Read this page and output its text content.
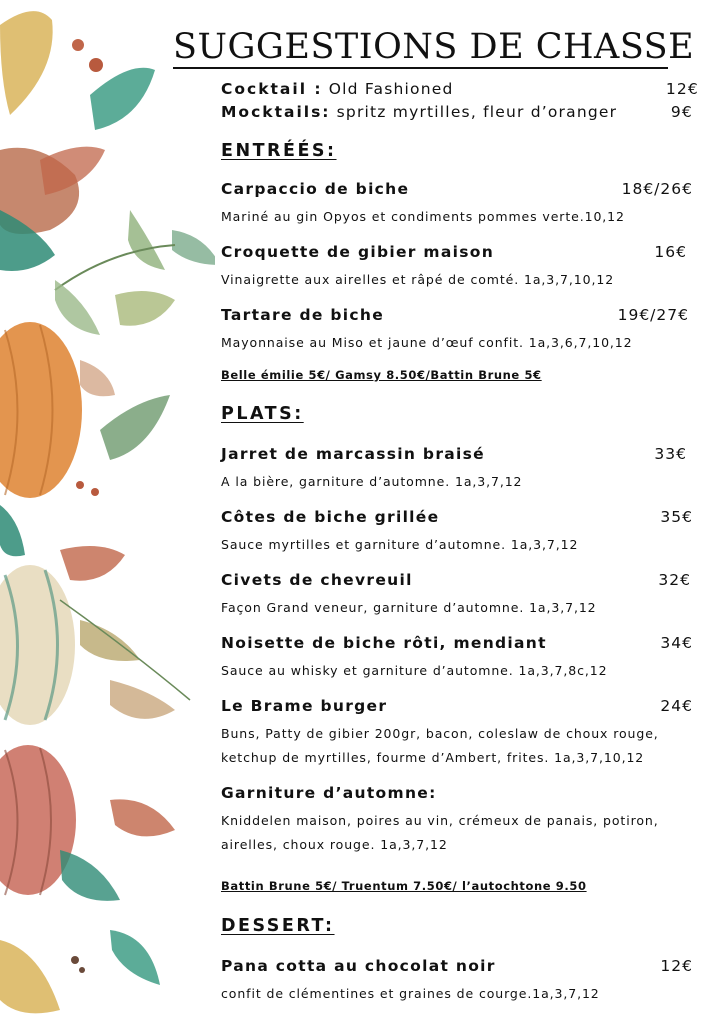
SUGGESTIONS DE CHASSE
Cocktail : Old Fashioned	12€
Mocktails: spritz myrtilles, fleur d’oranger	9€
ENTRÉÉS:
Carpaccio de biche	18€/26€
Mariné au gin Opyos et condiments pommes verte.10,12
Croquette de gibier maison	16€
Vinaigrette aux airelles et râpé de comté. 1a,3,7,10,12
Tartare de biche	19€/27€
Mayonnaise au Miso et jaune d’œuf confit. 1a,3,6,7,10,12
Belle émilie 5€/ Gamsy 8.50€/Battin Brune 5€
PLATS:
Jarret de marcassin braisé	33€
A la bière, garniture d’automne. 1a,3,7,12
Côtes de biche grillée	35€
Sauce myrtilles et garniture d’automne. 1a,3,7,12
Civets de chevreuil	32€
Façon Grand veneur, garniture d’automne. 1a,3,7,12
Noisette de biche rôti, mendiant	34€
Sauce au whisky et garniture d’automne. 1a,3,7,8c,12
Le Brame burger	24€
Buns, Patty de gibier 200gr, bacon, coleslaw de choux rouge,
ketchup de myrtilles, fourme d’Ambert, frites. 1a,3,7,10,12
Garniture d’automne:
Kniddelen maison, poires au vin, crémeux de panais, potiron,
airelles, choux rouge. 1a,3,7,12
Battin Brune 5€/ Truentum 7.50€/ l’autochtone 9.50
DESSERT:
Pana cotta au chocolat noir	12€
confit de clémentines et graines de courge.1a,3,7,12
